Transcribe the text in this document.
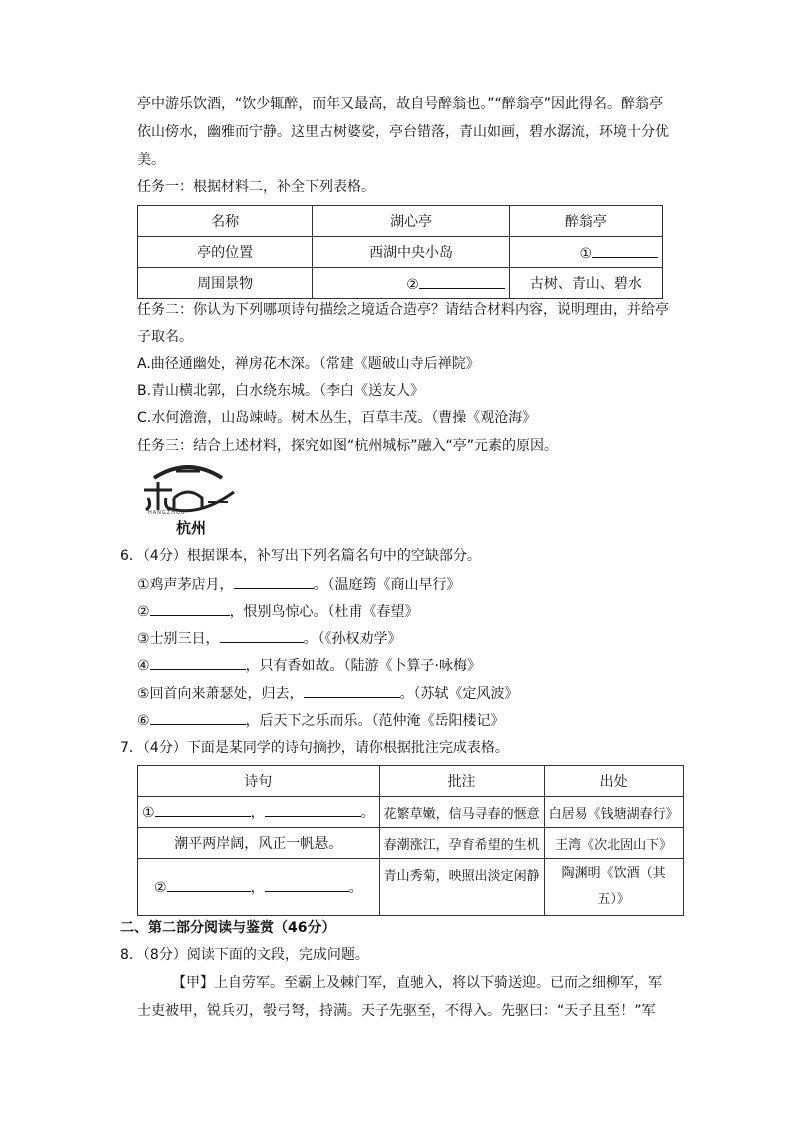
亭中游乐饮酒，“饮少辄醉，而年又最高，故自号醉翁也。”“醉翁亭”因此得名。醉翁亭
依山傍水，幽雅而宁静。这里古树婆娑，亭台错落，青山如画，碧水潺流，环境十分优
美。
任务一：根据材料二，补全下列表格。
名称	湖心亭	醉翁亭
亭的位置	西湖中央小岛	①
周围景物	②	古树、青山、碧水
任务二：你认为下列哪项诗句描绘之境适合造亭？请结合材料内容，说明理由，并给亭
子取名。
A.曲径通幽处，禅房花木深。（常建《题破山寺后禅院》
B.青山横北郭，白水绕东城。（李白《送友人》
C.水何澹澹，山岛竦峙。树木丛生，百草丰茂。（曹操《观沧海》
任务三：结合上述材料，探究如图“杭州城标”融入“亭”元素的原因。
HANGZHOU
杭州
6．（4分）根据课本，补写出下列名篇名句中的空缺部分。
①鸡声茅店月，	。（温庭筠《商山早行》
②	，恨别鸟惊心。（杜甫《春望》
③士别三日，	。（《孙权劝学》
④	，只有香如故。（陆游《卜算子·咏梅》
⑤回首向来萧瑟处，归去，	。（苏轼《定风波》
⑥	，后天下之乐而乐。（范仲淹《岳阳楼记》
7．（4分）下面是某同学的诗句摘抄，请你根据批注完成表格。
诗句	批注	出处
① ， 。	花繁草嫩，信马寻春的惬意	白居易《钱塘湖春行》
潮平两岸阔，风正一帆悬。	春潮涨江，孕育希望的生机	王湾《次北固山下》
② ， 。	青山秀菊，映照出淡定闲静	陶渊明《饮酒（其
五）》
二、第二部分阅读与鉴赏（46分）
8．（8分）阅读下面的文段，完成问题。
【甲】上自劳军。至霸上及棘门军，直驰入，将以下骑送迎。已而之细柳军，军
士吏被甲，锐兵刃，彀弓弩，持满。天子先驱至，不得入。先驱曰：“天子且至！”军
